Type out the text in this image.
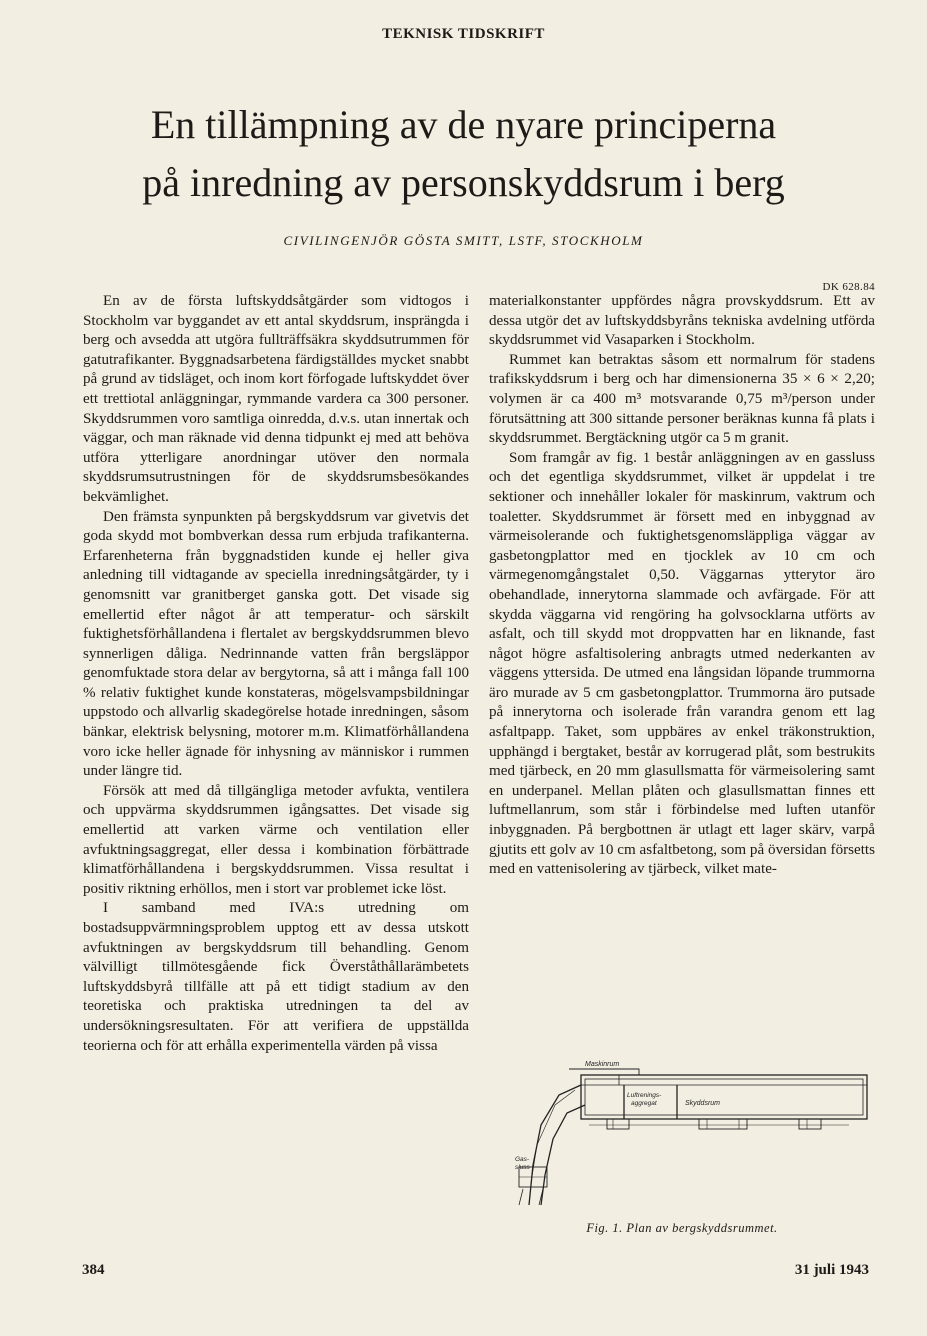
TEKNISK TIDSKRIFT
En tillämpning av de nyare principerna
på inredning av personskyddsrum i berg
CIVILINGENJÖR GÖSTA SMITT, LSTF, STOCKHOLM
DK 628.84

En av de första luftskyddsåtgärder som vidtogos i Stockholm var byggandet av ett antal skyddsrum, insprängda i berg och avsedda att utgöra fullträffsäkra skyddsutrummen för gatutrafikanter. Byggnadsarbetena färdigställdes mycket snabbt på grund av tidsläget, och inom kort förfogade luftskyddet över ett trettiotal anläggningar, rymmande vardera ca 300 personer. Skyddsrummen voro samtliga oinredda, d.v.s. utan innertak och väggar, och man räknade vid denna tidpunkt ej med att behöva utföra ytterligare anordningar utöver den normala skyddsrumsutrustningen för de skyddsrumsbesökandes bekvämlighet.

Den främsta synpunkten på bergskyddsrum var givetvis det goda skydd mot bombverkan dessa rum erbjuda trafikanterna. Erfarenheterna från byggnadstiden kunde ej heller giva anledning till vidtagande av speciella inredningsåtgärder, ty i genomsnitt var granitberget ganska gott. Det visade sig emellertid efter något år att temperatur- och särskilt fuktighetsförhållandena i flertalet av bergskyddsrummen blevo synnerligen dåliga. Nedrinnande vatten från bergsläppor genomfuktade stora delar av bergytorna, så att i många fall 100 % relativ fuktighet kunde konstateras, mögelsvampsbildningar uppstodo och allvarlig skadegörelse hotade inredningen, såsom bänkar, elektrisk belysning, motorer m.m. Klimatförhållandena voro icke heller ägnade för inhysning av människor i rummen under längre tid.

Försök att med då tillgängliga metoder avfukta, ventilera och uppvärma skyddsrummen igångsattes. Det visade sig emellertid att varken värme och ventilation eller avfuktningsaggregat, eller dessa i kombination förbättrade klimatförhållandena i bergskyddsrummen. Vissa resultat i positiv riktning erhöllos, men i stort var problemet icke löst.

I samband med IVA:s utredning om bostadsuppvärmningsproblem upptog ett av dessa utskott avfuktningen av bergskyddsrum till behandling. Genom välvilligt tillmötesgående fick Överståthållarämbetets luftskyddsbyrå tillfälle att på ett tidigt stadium av den teoretiska och praktiska utredningen ta del av undersökningsresultaten. För att verifiera de uppställda teorierna och för att erhålla experimentella värden på vissa

materialkonstanter uppfördes några provskyddsrum. Ett av dessa utgör det av luftskyddsbyråns tekniska avdelning utförda skyddsrummet vid Vasaparken i Stockholm.

Rummet kan betraktas såsom ett normalrum för stadens trafikskyddsrum i berg och har dimensionerna 35 × 6 × 2,20; volymen är ca 400 m³ motsvarande 0,75 m³/person under förutsättning att 300 sittande personer beräknas kunna få plats i skyddsrummet. Bergtäckning utgör ca 5 m granit.

Som framgår av fig. 1 består anläggningen av en gassluss och det egentliga skyddsrummet, vilket är uppdelat i tre sektioner och innehåller lokaler för maskinrum, vaktrum och toaletter. Skyddsrummet är försett med en inbyggnad av värmeisolerande och fuktighetsgenomsläppliga väggar av gasbetongplattor med en tjocklek av 10 cm och värmegenomgångstalet 0,50. Väggarnas ytterytor äro obehandlade, innerytorna slammade och avfärgade. För att skydda väggarna vid rengöring ha golvsocklarna utförts av asfalt, och till skydd mot droppvatten har en liknande, fast något högre asfaltisolering anbragts utmed nederkanten av väggens yttersida. De utmed ena långsidan löpande trummorna äro murade av 5 cm gasbetongplattor. Trummorna äro putsade på innerytorna och isolerade från varandra genom ett lag asfaltpapp. Taket, som uppbäres av enkel träkonstruktion, upphängd i bergtaket, består av korrugerad plåt, som bestrukits med tjärbeck, en 20 mm glasullsmatta för värmeisolering samt en underpanel. Mellan plåten och glasullsmattan finnes ett luftmellanrum, som står i förbindelse med luften utanför inbyggnaden. På bergbottnen är utlagt ett lager skärv, varpå gjutits ett golv av 10 cm asfaltbetong, som på översidan försetts med en vattenisolering av tjärbeck, vilket mate-

Maskinrum
Luftrenings-
aggregat	Skyddsrum
Gas-
sluss
Fig. 1. Plan av bergskyddsrummet.
384	31 juli 1943
